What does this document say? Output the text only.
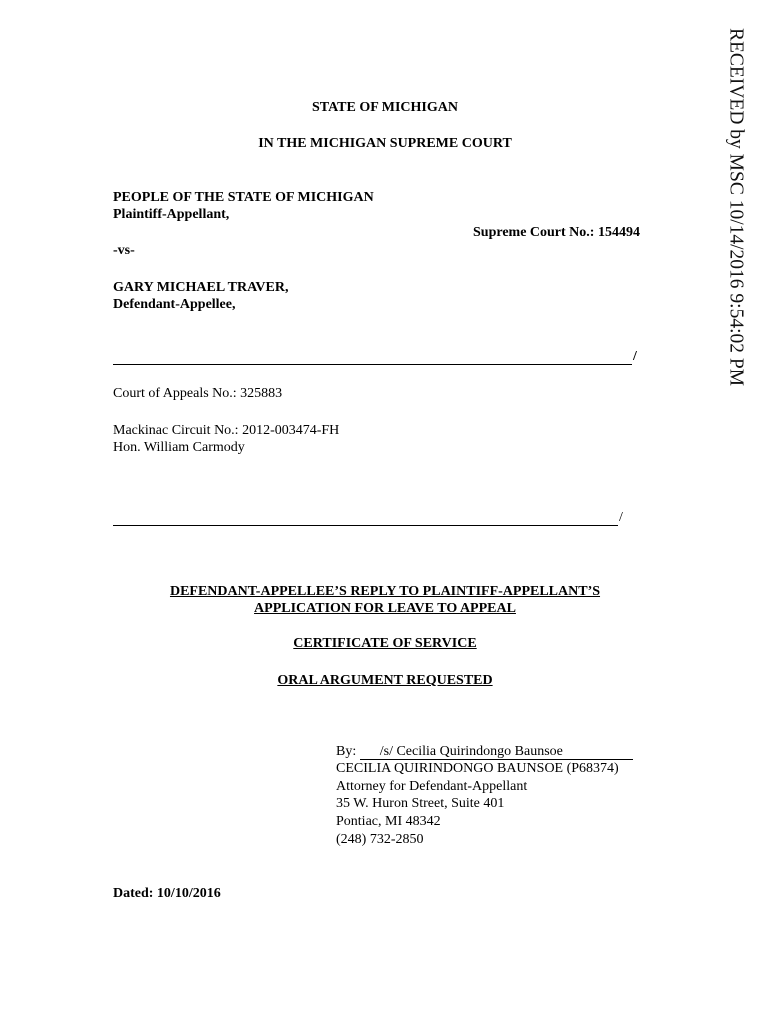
RECEIVED by MSC 10/14/2016 9:54:02 PM
STATE OF MICHIGAN
IN THE MICHIGAN SUPREME COURT
PEOPLE OF THE STATE OF MICHIGAN
Plaintiff-Appellant,
Supreme Court No.: 154494
-vs-
GARY MICHAEL TRAVER,
Defendant-Appellee,
/
Court of Appeals No.: 325883
Mackinac Circuit No.: 2012-003474-FH
Hon. William Carmody
/
DEFENDANT-APPELLEE’S REPLY TO PLAINTIFF-APPELLANT’S
APPLICATION FOR LEAVE TO APPEAL
CERTIFICATE OF SERVICE
ORAL ARGUMENT REQUESTED
By: /s/ Cecilia Quirindongo Baunsoe
CECILIA QUIRINDONGO BAUNSOE (P68374)
Attorney for Defendant-Appellant
35 W. Huron Street, Suite 401
Pontiac, MI 48342
(248) 732-2850
Dated: 10/10/2016
